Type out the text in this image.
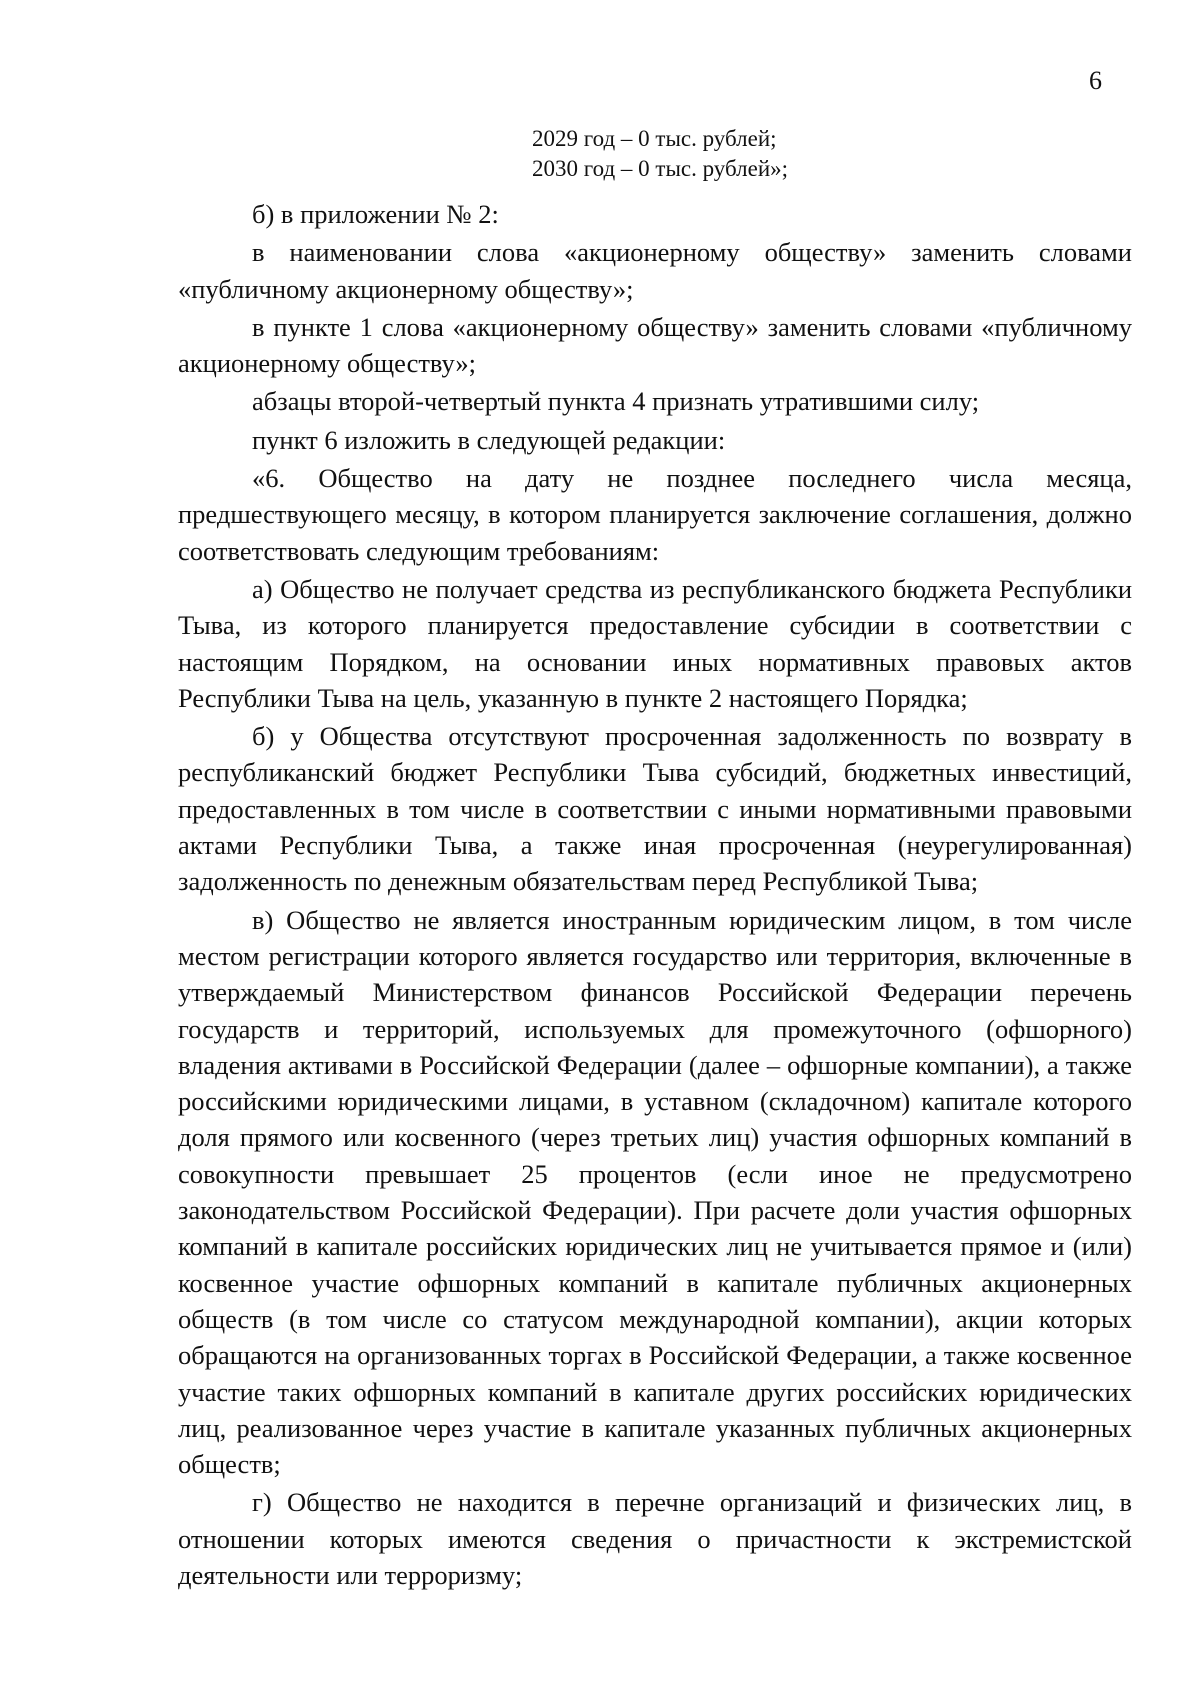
6
2029 год – 0 тыс. рублей;
2030 год – 0 тыс. рублей»;

б) в приложении № 2:

в наименовании слова «акционерному обществу» заменить словами «публичному акционерному обществу»;

в пункте 1 слова «акционерному обществу» заменить словами «публичному акционерному обществу»;

абзацы второй-четвертый пункта 4 признать утратившими силу;

пункт 6 изложить в следующей редакции:

«6. Общество на дату не позднее последнего числа месяца, предшествующего месяцу, в котором планируется заключение соглашения, должно соответствовать следующим требованиям:

а) Общество не получает средства из республиканского бюджета Республики Тыва, из которого планируется предоставление субсидии в соответствии с настоящим Порядком, на основании иных нормативных правовых актов Республики Тыва на цель, указанную в пункте 2 настоящего Порядка;

б) у Общества отсутствуют просроченная задолженность по возврату в республиканский бюджет Республики Тыва субсидий, бюджетных инвестиций, предоставленных в том числе в соответствии с иными нормативными правовыми актами Республики Тыва, а также иная просроченная (неурегулированная) задолженность по денежным обязательствам перед Республикой Тыва;

в) Общество не является иностранным юридическим лицом, в том числе местом регистрации которого является государство или территория, включенные в утверждаемый Министерством финансов Российской Федерации перечень государств и территорий, используемых для промежуточного (офшорного) владения активами в Российской Федерации (далее – офшорные компании), а также российскими юридическими лицами, в уставном (складочном) капитале которого доля прямого или косвенного (через третьих лиц) участия офшорных компаний в совокупности превышает 25 процентов (если иное не предусмотрено законодательством Российской Федерации). При расчете доли участия офшорных компаний в капитале российских юридических лиц не учитывается прямое и (или) косвенное участие офшорных компаний в капитале публичных акционерных обществ (в том числе со статусом международной компании), акции которых обращаются на организованных торгах в Российской Федерации, а также косвенное участие таких офшорных компаний в капитале других российских юридических лиц, реализованное через участие в капитале указанных публичных акционерных обществ;

г) Общество не находится в перечне организаций и физических лиц, в отношении которых имеются сведения о причастности к экстремистской деятельности или терроризму;
